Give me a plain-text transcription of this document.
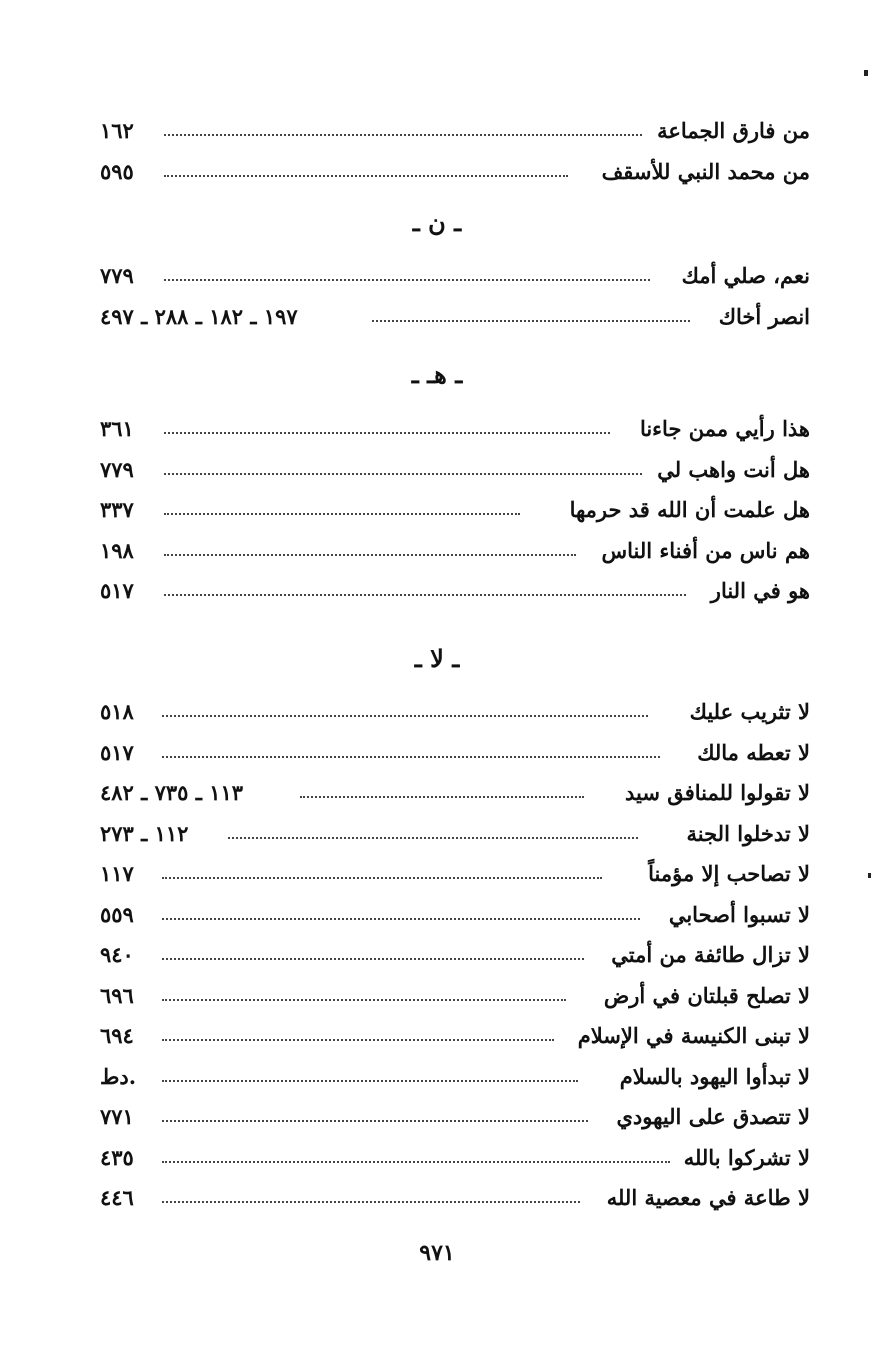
من فارق الجماعة
١٦٢
من محمد النبي للأسقف
٥٩٥
ـ ن ـ
نعم، صلي أمك
٧٧٩
انصر أخاك
١٩٧ ـ ١٨٢ ـ ٢٨٨ ـ ٤٩٧
ـ هـ ـ
هذا رأيي ممن جاءنا
٣٦١
هل أنت واهب لي
٧٧٩
هل علمت أن الله قد حرمها
٣٣٧
هم ناس من أفناء الناس
١٩٨
هو في النار
٥١٧
ـ لا ـ
لا تثريب عليك
٥١٨
لا تعطه مالك
٥١٧
لا تقولوا للمنافق سيد
١١٣ ـ ٧٣٥ ـ ٤٨٢
لا تدخلوا الجنة
١١٢ ـ ٢٧٣
لا تصاحب إلا مؤمناً
١١٧
لا تسبوا أصحابي
٥٥٩
لا تزال طائفة من أمتي
٩٤٠
لا تصلح قبلتان في أرض
٦٩٦
لا تبنى الكنيسة في الإسلام
٦٩٤
لا تبدأوا اليهود بالسلام
دط.
لا تتصدق على اليهودي
٧٧١
لا تشركوا بالله
٤٣٥
لا طاعة في معصية الله
٤٤٦
٩٧١
